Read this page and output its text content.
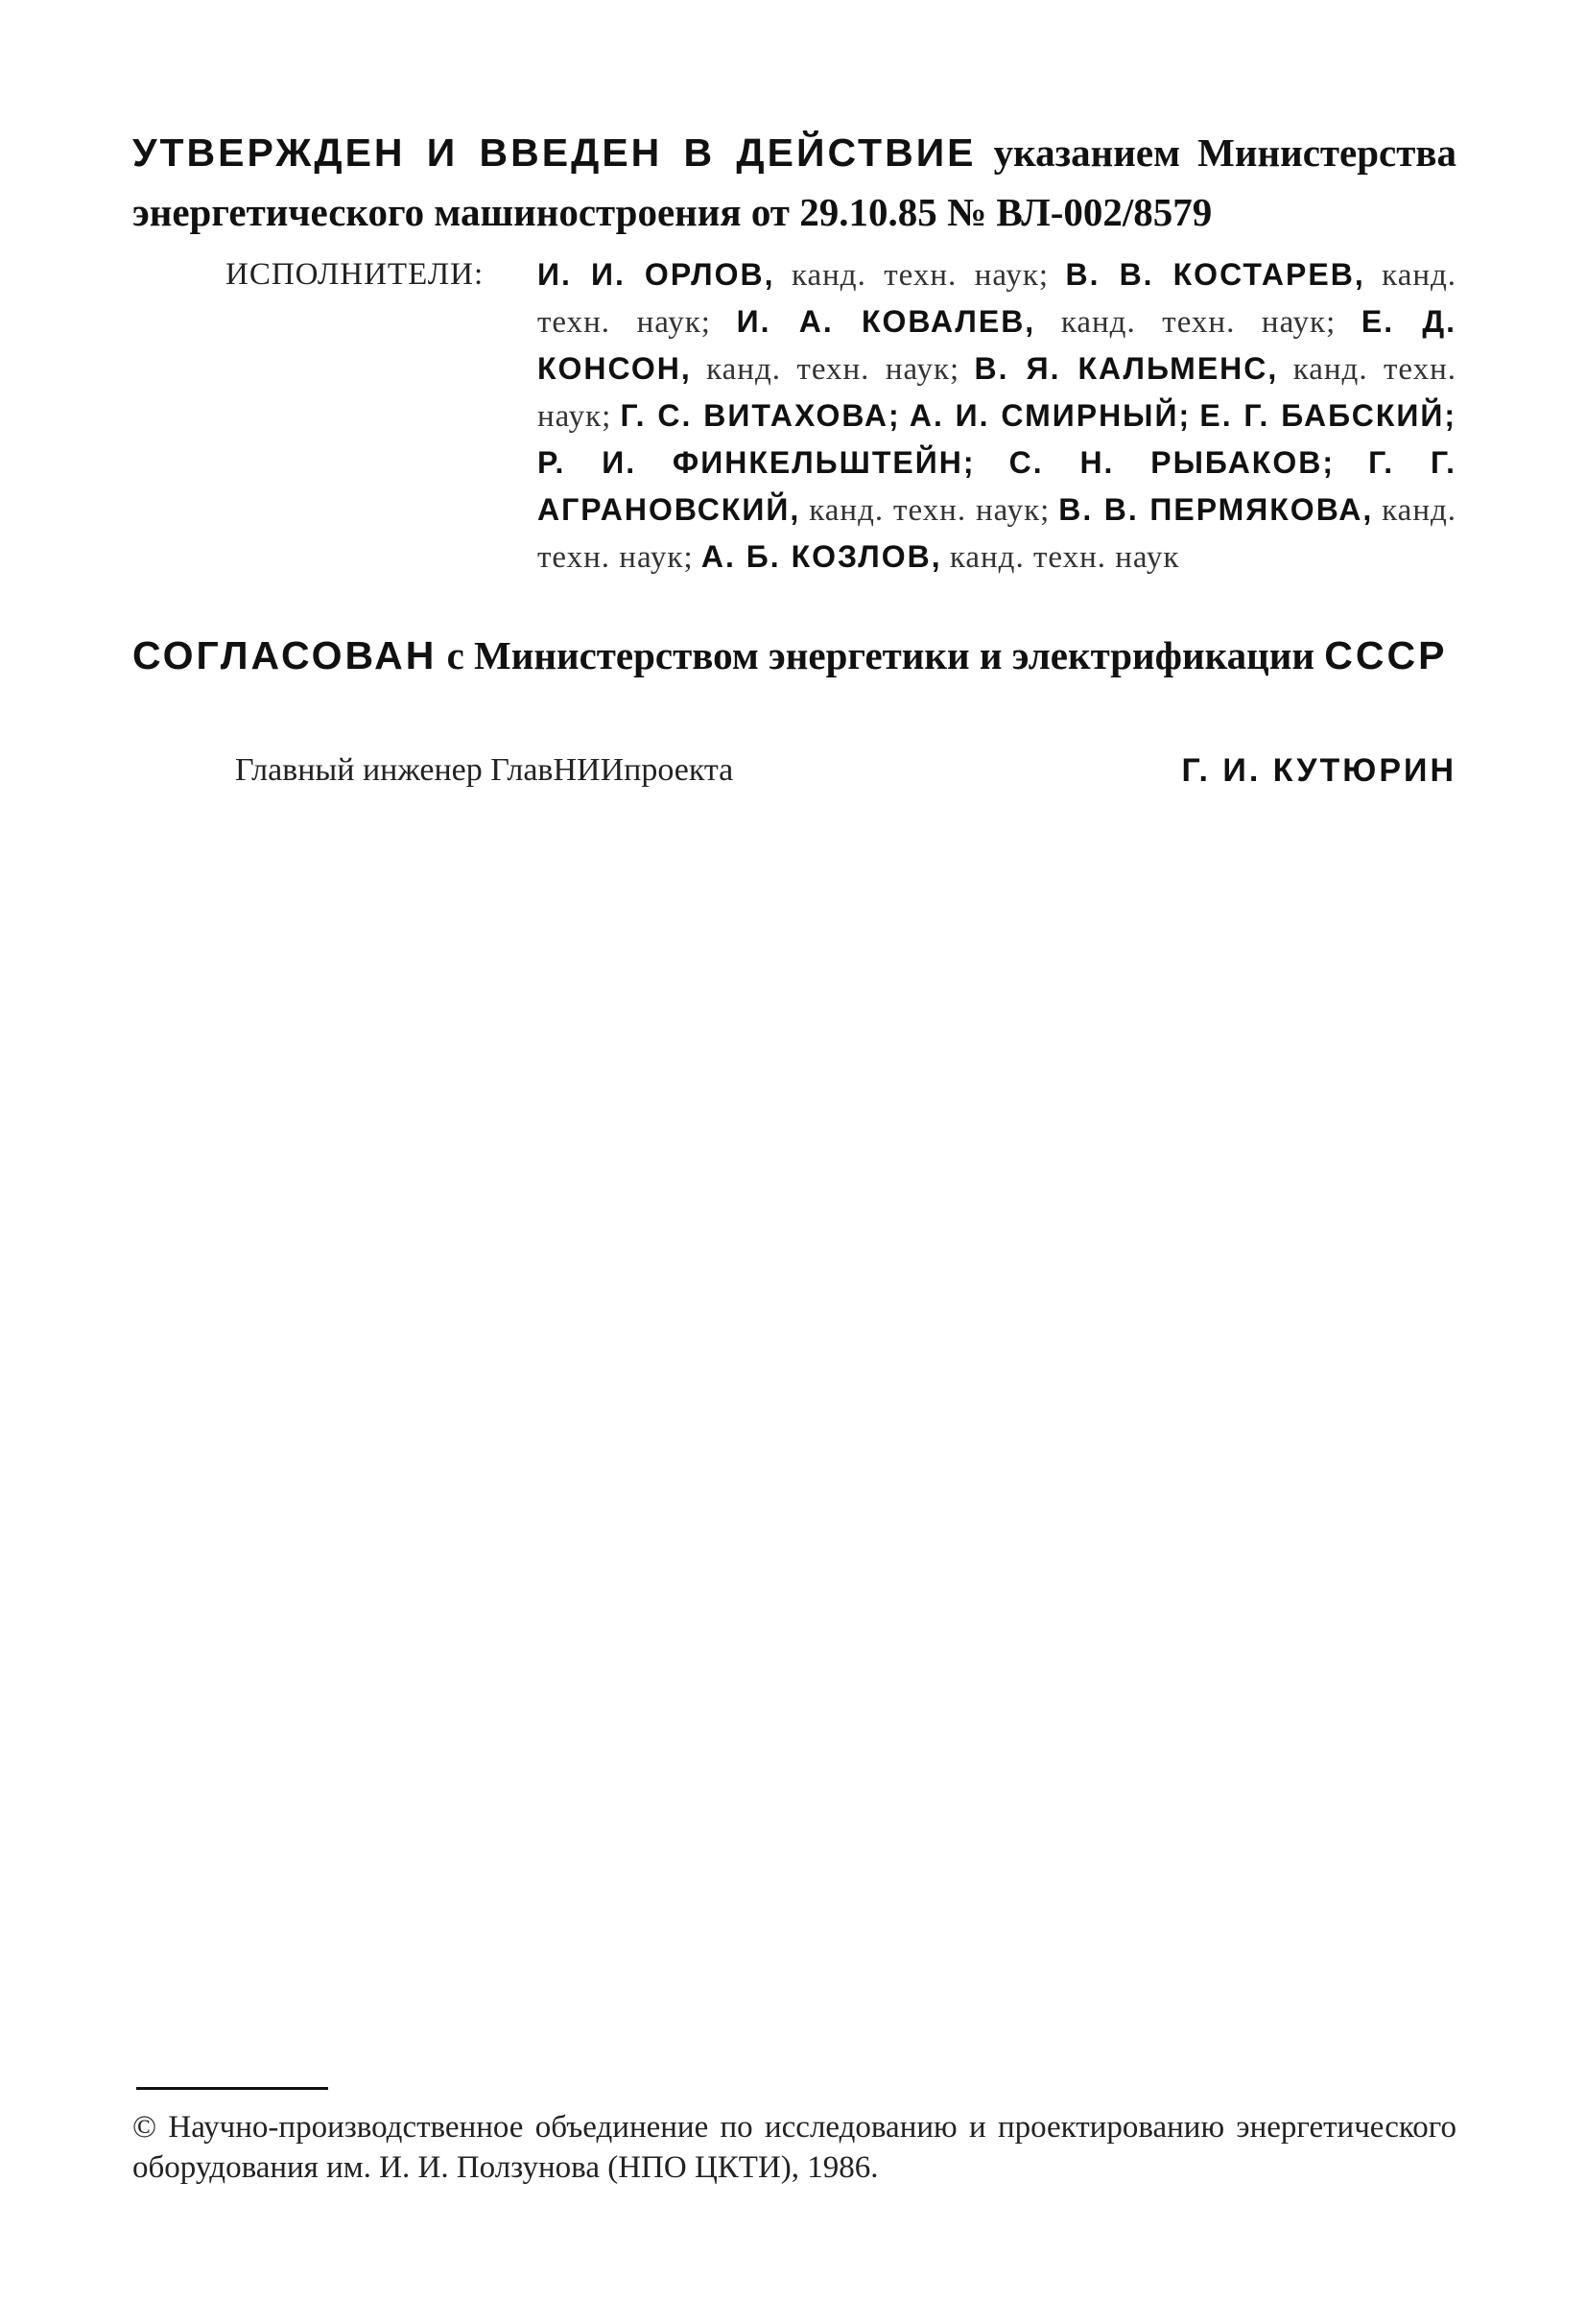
УТВЕРЖДЕН И ВВЕДЕН В ДЕЙСТВИЕ указанием Министерства энергетического машиностроения от 29.10.85 № ВЛ-002/8579
ИСПОЛНИТЕЛИ:	И. И. ОРЛОВ, канд. техн. наук; В. В. КОСТАРЕВ, канд. техн. наук; И. А. КОВАЛЕВ, канд. техн. наук; Е. Д. КОНСОН, канд. техн. наук; В. Я. КАЛЬМЕНС, канд. техн. наук; Г. С. ВИТАХОВА; А. И. СМИРНЫЙ; Е. Г. БАБСКИЙ; Р. И. ФИНКЕЛЬШТЕЙН; С. Н. РЫБАКОВ; Г. Г. АГРАНОВСКИЙ, канд. техн. наук; В. В. ПЕРМЯКОВА, канд. техн. наук; А. Б. КОЗЛОВ, канд. техн. наук
СОГЛАСОВАН с Министерством энергетики и электрификации СССР
Главный инженер ГлавНИИпроекта	Г. И. КУТЮРИН
© Научно-производственное объединение по исследованию и проектированию энергетического оборудования им. И. И. Ползунова (НПО ЦКТИ), 1986.
